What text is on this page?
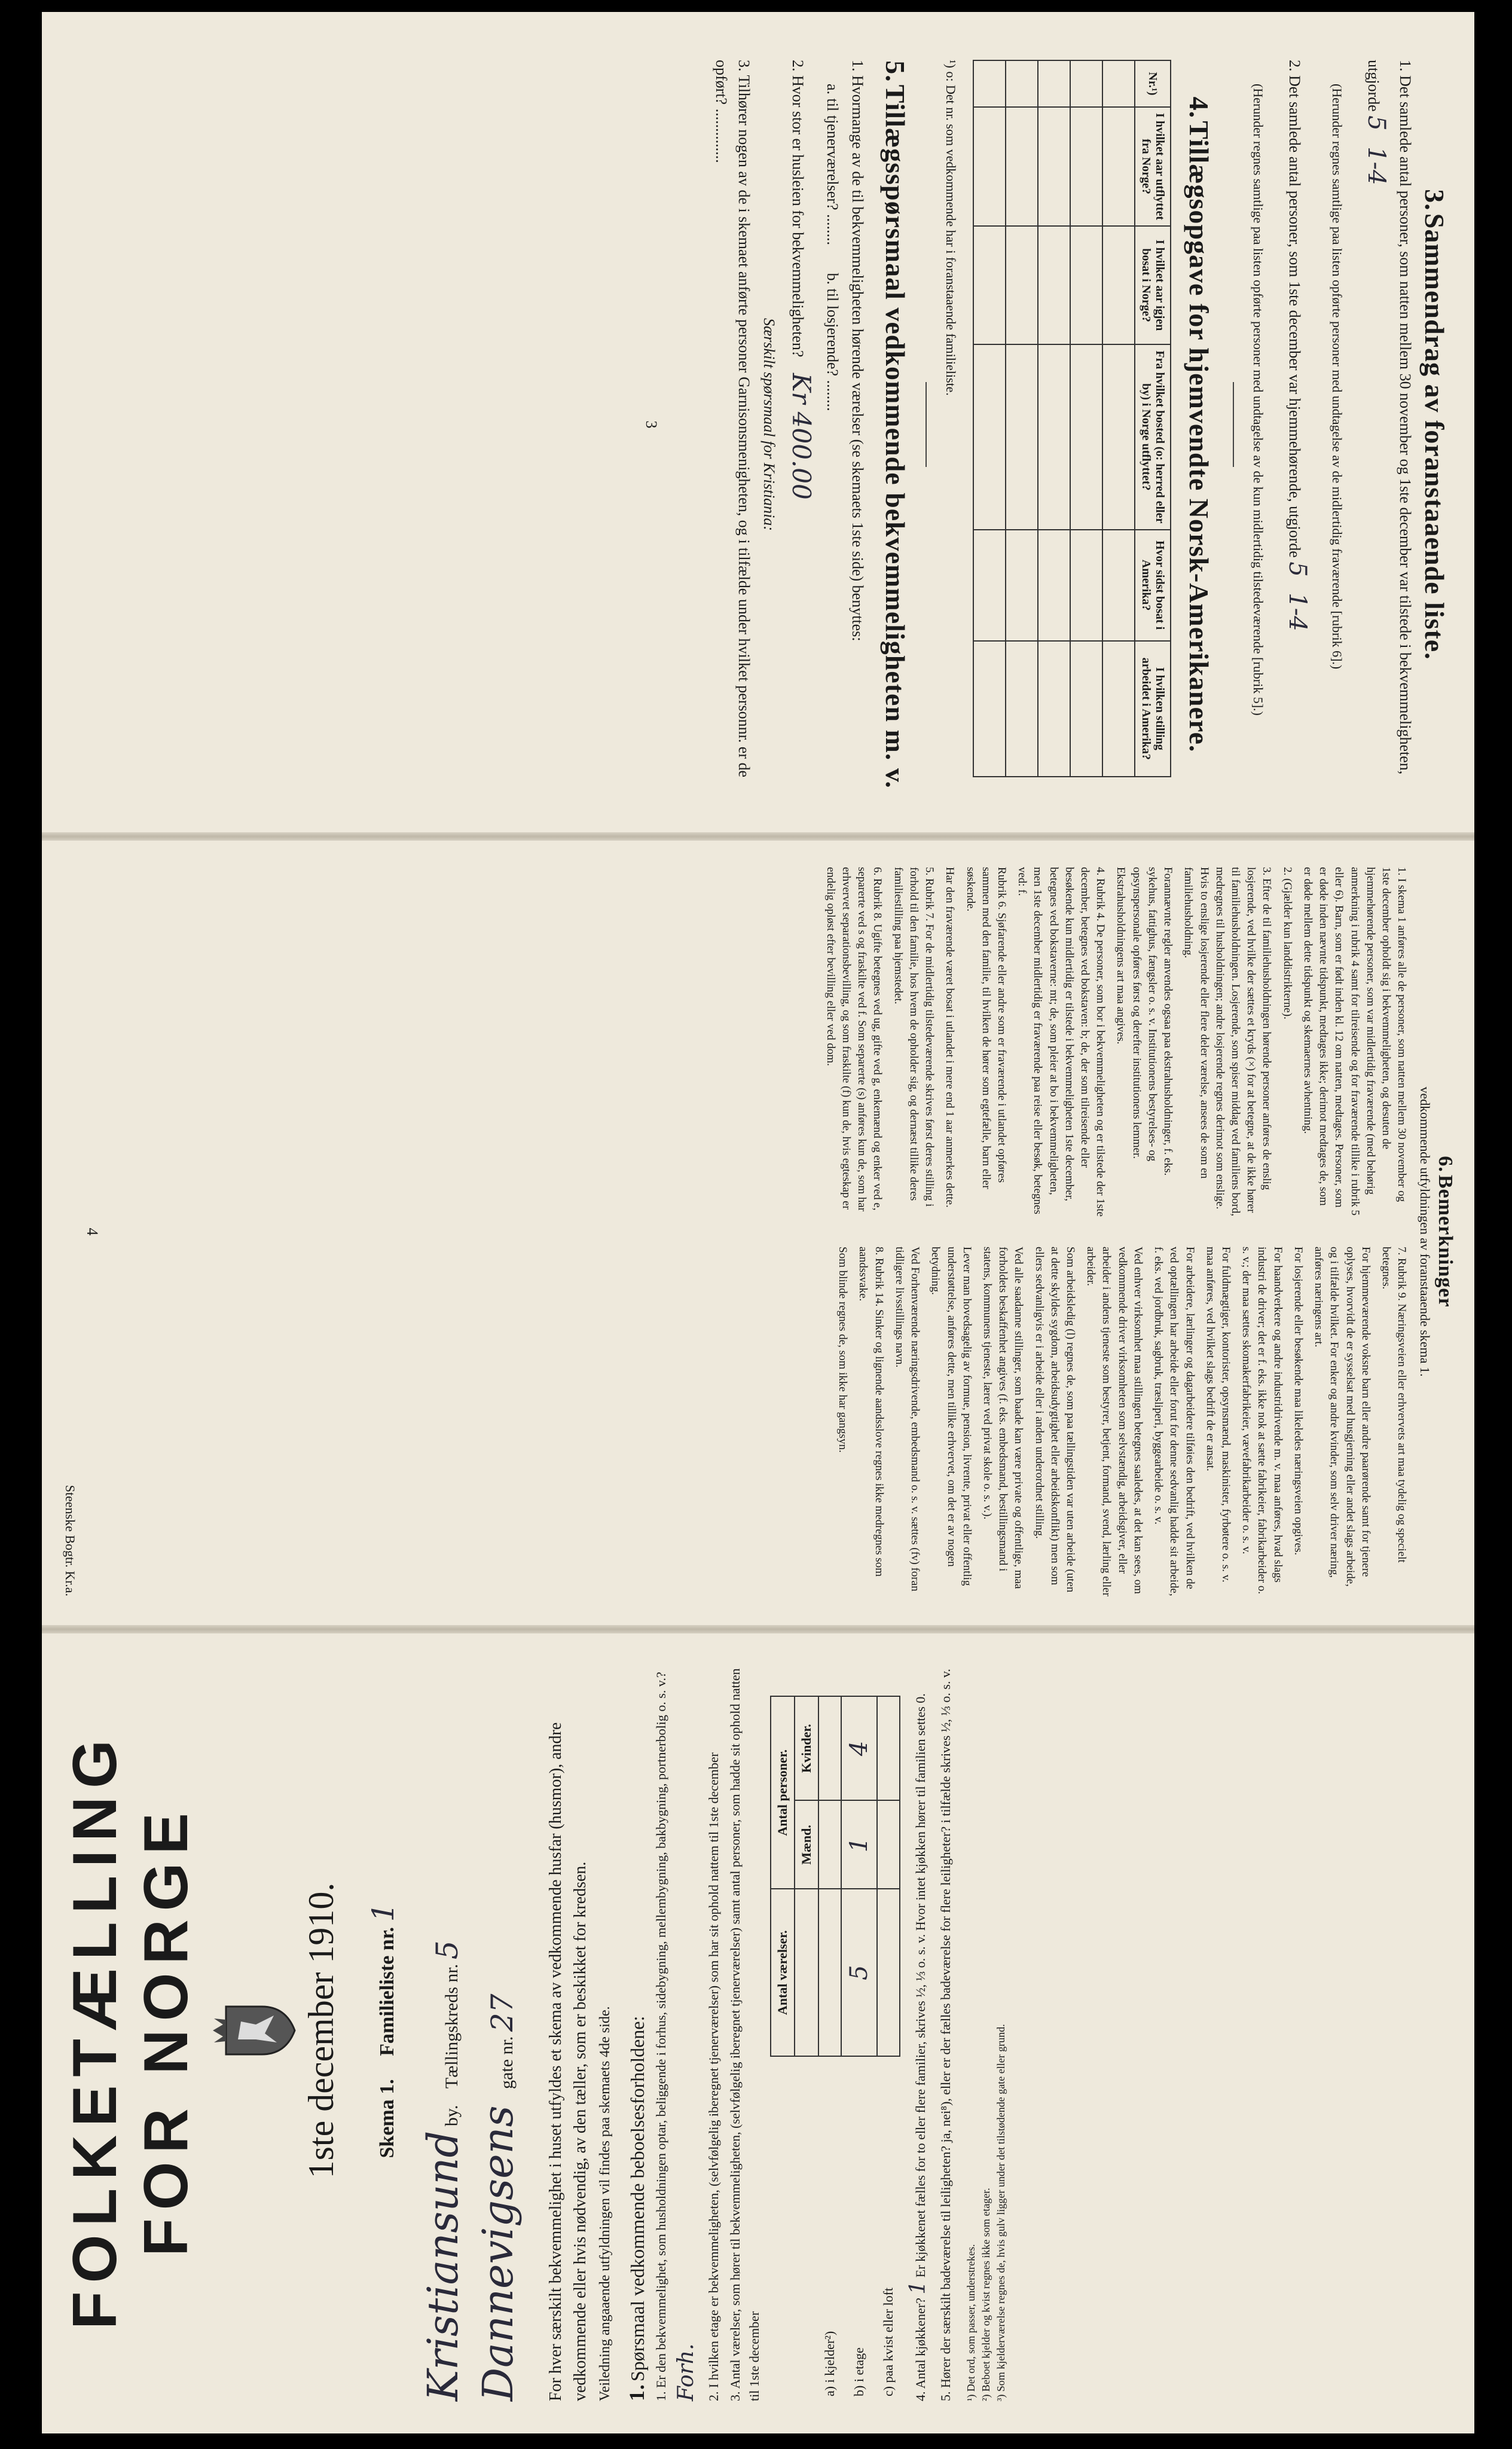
3. Sammendrag av foranstaaende liste.

1. Det samlede antal personer, som natten mellem 30 november og 1ste december var tilstede i bekvemmeligheten, utgjorde 5 1-4

(Herunder regnes samtlige paa listen opførte personer med undtagelse av de midlertidig fraværende [rubrik 6].)

2. Det samlede antal personer, som 1ste december var hjemmehørende, utgjorde 5 1-4

(Herunder regnes samtlige paa listen opførte personer med undtagelse av de kun midlertidig tilstedeværende [rubrik 5].)

4. Tillægsopgave for hjemvendte Norsk-Amerikanere.
Nr.¹)	I hvilket aar utflyttet fra Norge?	I hvilket aar igjen bosat i Norge?	Fra hvilket bosted (o: herred eller by) i Norge utflyttet?	Hvor sidst bosat i Amerika?	I hvilken stilling arbeidet i Amerika?

¹) o: Det nr. som vedkommende har i foranstaaende familieliste.

5. Tillægsspørsmaal vedkommende bekvemmeligheten m. v.

1. Hvormange av de til bekvemmeligheten hørende værelser (se skemaets 1ste side) benyttes:

a. til tjenerværelser? ........ b. til losjerende? ........

2. Hvor stor er husleien for bekvemmeligheten? Kr 400.00

Særskilt spørsmaal for Kristiania:

3. Tilhører nogen av de i skemaet anførte personer Garnisonsmenigheten, og i tilfælde under hvilket personnr. er de opført? ..............

3

6. Bemerkninger
vedkommende utfyldningen av foranstaaende skema 1.

1. I skema 1 anføres alle de personer, som natten mellem 30 november og 1ste december opholdt sig i bekvemmeligheten, og desuten de hjemmehørende personer, som var midlertidig fraværende (med behørig anmerkning i rubrik 4 samt for tilreisende og for fraværende tillike i rubrik 5 eller 6). Barn, som er født inden kl. 12 om natten, medtages. Personer, som er døde inden nævnte tidspunkt, medtages ikke; derimot medtages de, som er døde mellem dette tidspunkt og skemaernes avhentning.

2. (Gjælder kun landdistrikterne).

3. Efter de til familiehusholdningen hørende personer anføres de enslig losjerende, ved hvilke der sættes et kryds (×) for at betegne, at de ikke hører til familiehusholdningen. Losjerende, som spiser middag ved familiens bord, medregnes til husholdningen; andre losjerende regnes derimot som enslige. Hvis to enslige losjerende eller flere deler værelse, ansees de som en familiehusholdning.

Forannævnte regler anvendes ogsaa paa ekstrahusholdninger, f. eks. sykehus, fattighus, fængsler o. s. v. Institutionens bestyrelses- og opsynspersonale opføres først og derefter institutionens lemmer. Ekstrahusholdningens art maa angives.

4. Rubrik 4. De personer, som bor i bekvemmeligheten og er tilstede der 1ste december, betegnes ved bokstaven: b; de, der som tilreisende eller besøkende kun midlertidig er tilstede i bekvemmeligheten 1ste december, betegnes ved bokstaverne: mt; de, som pleier at bo i bekvemmeligheten, men 1ste december midlertidig er fraværende paa reise eller besøk, betegnes ved: f.

Rubrik 6. Sjøfarende eller andre som er fraværende i utlandet opføres sammen med den familie, til hvilken de hører som egtefælle, barn eller søskende.

Har den fraværende været bosat i utlandet i mere end 1 aar anmerkes dette.

5. Rubrik 7. For de midlertidig tilstedeværende skrives først deres stilling i forhold til den familie, hos hvem de opholder sig, og dernæst tillike deres familiestilling paa hjemstedet.

6. Rubrik 8. Ugifte betegnes ved ug, gifte ved g, enkemænd og enker ved e, separerte ved s og fraskilte ved f. Som separerte (s) anføres kun de, som har erhvervet separationsbevilling, og som fraskilte (f) kun de, hvis egteskap er endelig opløst efter bevilling eller ved dom.

7. Rubrik 9. Næringsveien eller erhvervets art maa tydelig og specielt betegnes.

For hjemmeværende voksne barn eller andre paarørende samt for tjenere oplyses, hvorvidt de er sysselsat med husgjerning eller andet slags arbeide, og i tilfælde hvilket. For enker og andre kvinder, som selv driver næring, anføres næringens art.

For losjerende eller besøkende maa likeledes næringsveien opgives.

For haandverkere og andre industridrivende m. v. maa anføres, hvad slags industri de driver; det er f. eks. ikke nok at sætte fabrikeier, fabrikarbeider o. s. v.; der maa sættes skomakerfabrikeier, vævefabrikarbeider o. s. v.

For fuldmægtiger, kontorister, opsynsmænd, maskinister, fyrbøtere o. s. v. maa anføres, ved hvilket slags bedrift de er ansat.

For arbeidere, lærlinger og dagarbeidere tilføies den bedrift, ved hvilken de ved optællingen har arbeide eller forut for denne sedvanlig hadde sit arbeide, f. eks. ved jordbruk, sagbruk, træsliperi, byggearbeide o. s. v.

Ved enhver virksomhet maa stillingen betegnes saaledes, at det kan sees, om vedkommende driver virksomheten som selvstændig, arbeidsgiver, eller arbeider i andens tjeneste som bestyrer, betjent, formand, svend, lærling eller arbeider.

Som arbeidsledig (l) regnes de, som paa tællingstiden var uten arbeide (uten at dette skyldes sygdom, arbeidsudygtighet eller arbeidskonflikt) men som ellers sedvanligvis er i arbeide eller i anden underordnet stilling.

Ved alle saadanne stillinger, som baade kan være private og offentlige, maa forholdets beskaffenhet angives (f. eks. embedsmand, bestillingsmand i statens, kommunens tjeneste, lærer ved privat skole o. s. v.).

Lever man hovedsagelig av formue, pension, livrente, privat eller offentlig understøttelse, anføres dette, men tillike erhvervet, om det er av nogen betydning.

Ved Forhenværende næringsdrivende, embedsmand o. s. v. sættes (fv) foran tidligere livsstillings navn.

8. Rubrik 14. Sinker og lignende aandsslove regnes ikke medregnes som aandssvake.

Som blinde regnes de, som ikke har gangsyn.

4
Steenske Bogtr. Kr.a.
FOLKETÆLLING FOR NORGE	1ste december 1910.	Skema 1. Familieliste nr. 1
Kristiansund by. Tællingskreds nr. 5
Dannevigsens gate nr. 27 For hver særskilt bekvemmelighet i huset utfyldes et skema av vedkommende husfar (husmor), andre vedkommende eller hvis nødvendig, av den tæller, som er beskikket for kredsen. Veiledning angaaende utfyldningen vil findes paa skemaets 4de side. 1. Spørsmaal vedkommende beboelsesforholdene:

1. Er den bekvemmelighet, som husholdningen optar, beliggende i forhus, sidebygning, mellembygning, bakbygning, portnerbolig o. s. v.? Forh. 2. I hvilken etage er bekvemmeligheten, (selvfølgelig iberegnet tjenerværelser) som har sit ophold nattem til 1ste december

3. Antal værelser, som hører til bekvemmeligheten, (selvfølgelig iberegnet tjenerværelser) samt antal personer, som hadde sit ophold natten til 1ste december

	Antal værelser.	Antal personer.	
		Mænd.	Kvinder.
a) i kjelder²)			
b) i etage	5	1	4
c) paa kvist eller loft				4. Antal kjøkkener? 1 Er kjøkkenet fælles for to eller flere familier, skrives ½, ⅓ o. s. v. Hvor intet kjøkken hører til familien settes 0.

5. Hører der særskilt badeværelse til leiligheten? ja, nei⁸), eller er der fælles badeværelse for flere leiligheter? i tilfælde skrives ½, ⅓ o. s. v. ¹) Det ord, som passer, understrekes. ²) Beboet kjelder og kvist regnes ikke som etager. ³) Som kjelderværelse regnes de, hvis gulv ligger under det tilstødende gate eller grund.
